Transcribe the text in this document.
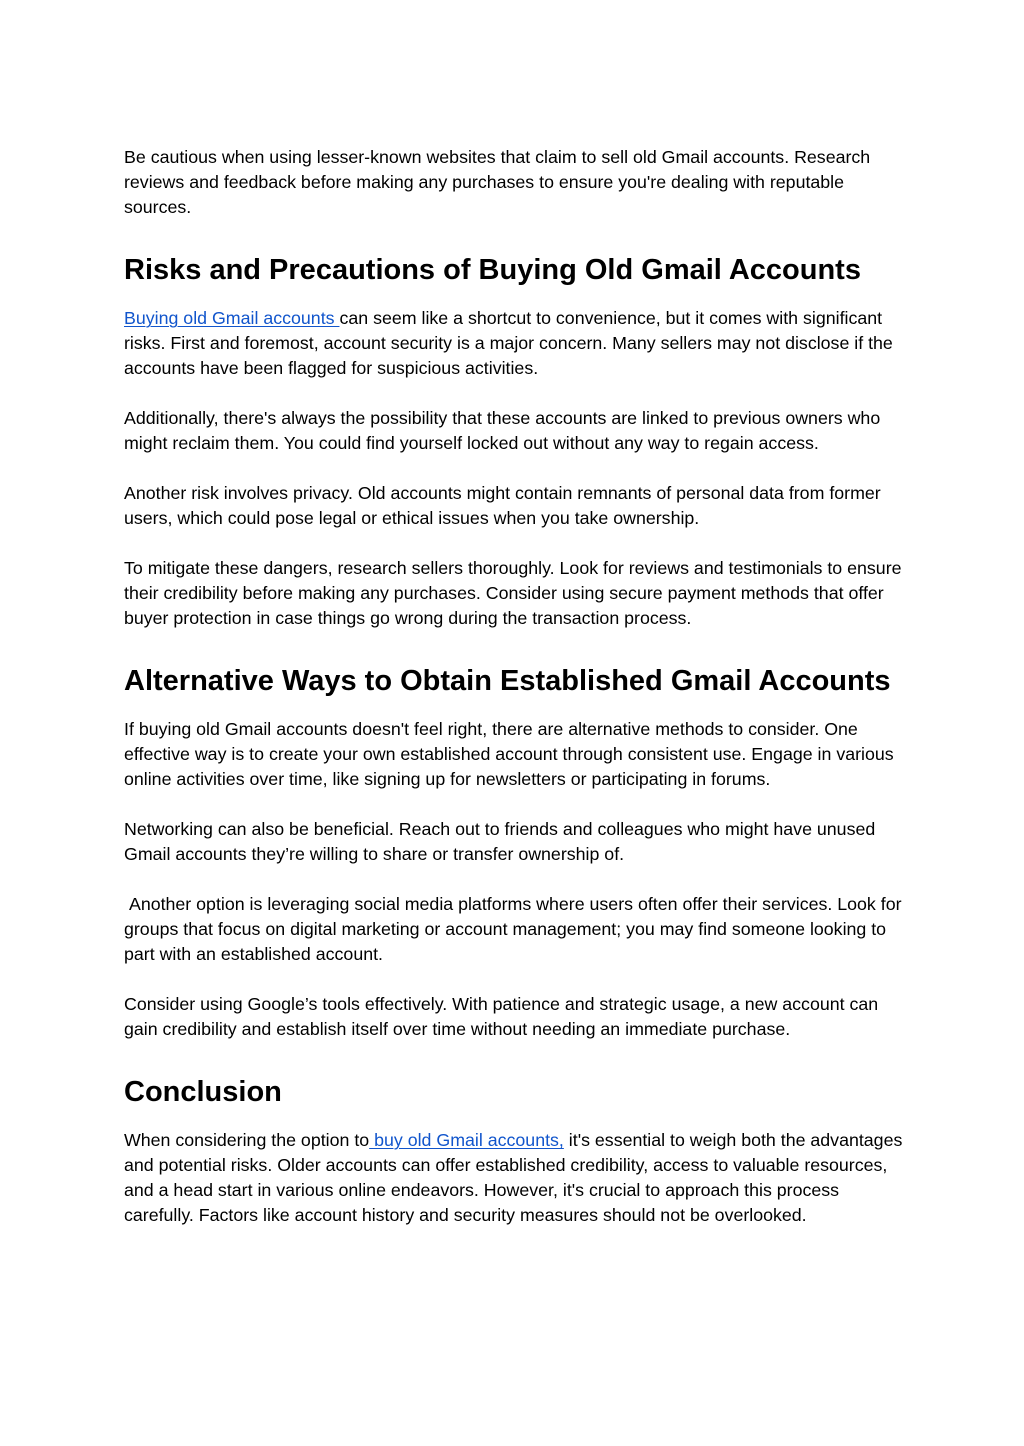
Be cautious when using lesser-known websites that claim to sell old Gmail accounts. Research reviews and feedback before making any purchases to ensure you're dealing with reputable sources.

Risks and Precautions of Buying Old Gmail Accounts

Buying old Gmail accounts can seem like a shortcut to convenience, but it comes with significant risks. First and foremost, account security is a major concern. Many sellers may not disclose if the accounts have been flagged for suspicious activities.

Additionally, there's always the possibility that these accounts are linked to previous owners who might reclaim them. You could find yourself locked out without any way to regain access.

Another risk involves privacy. Old accounts might contain remnants of personal data from former users, which could pose legal or ethical issues when you take ownership.

To mitigate these dangers, research sellers thoroughly. Look for reviews and testimonials to ensure their credibility before making any purchases. Consider using secure payment methods that offer buyer protection in case things go wrong during the transaction process.

Alternative Ways to Obtain Established Gmail Accounts

If buying old Gmail accounts doesn't feel right, there are alternative methods to consider. One effective way is to create your own established account through consistent use. Engage in various online activities over time, like signing up for newsletters or participating in forums.

Networking can also be beneficial. Reach out to friends and colleagues who might have unused Gmail accounts they’re willing to share or transfer ownership of.

Another option is leveraging social media platforms where users often offer their services. Look for groups that focus on digital marketing or account management; you may find someone looking to part with an established account.

Consider using Google’s tools effectively. With patience and strategic usage, a new account can gain credibility and establish itself over time without needing an immediate purchase.

Conclusion

When considering the option to buy old Gmail accounts, it's essential to weigh both the advantages and potential risks. Older accounts can offer established credibility, access to valuable resources, and a head start in various online endeavors. However, it's crucial to approach this process carefully. Factors like account history and security measures should not be overlooked.
